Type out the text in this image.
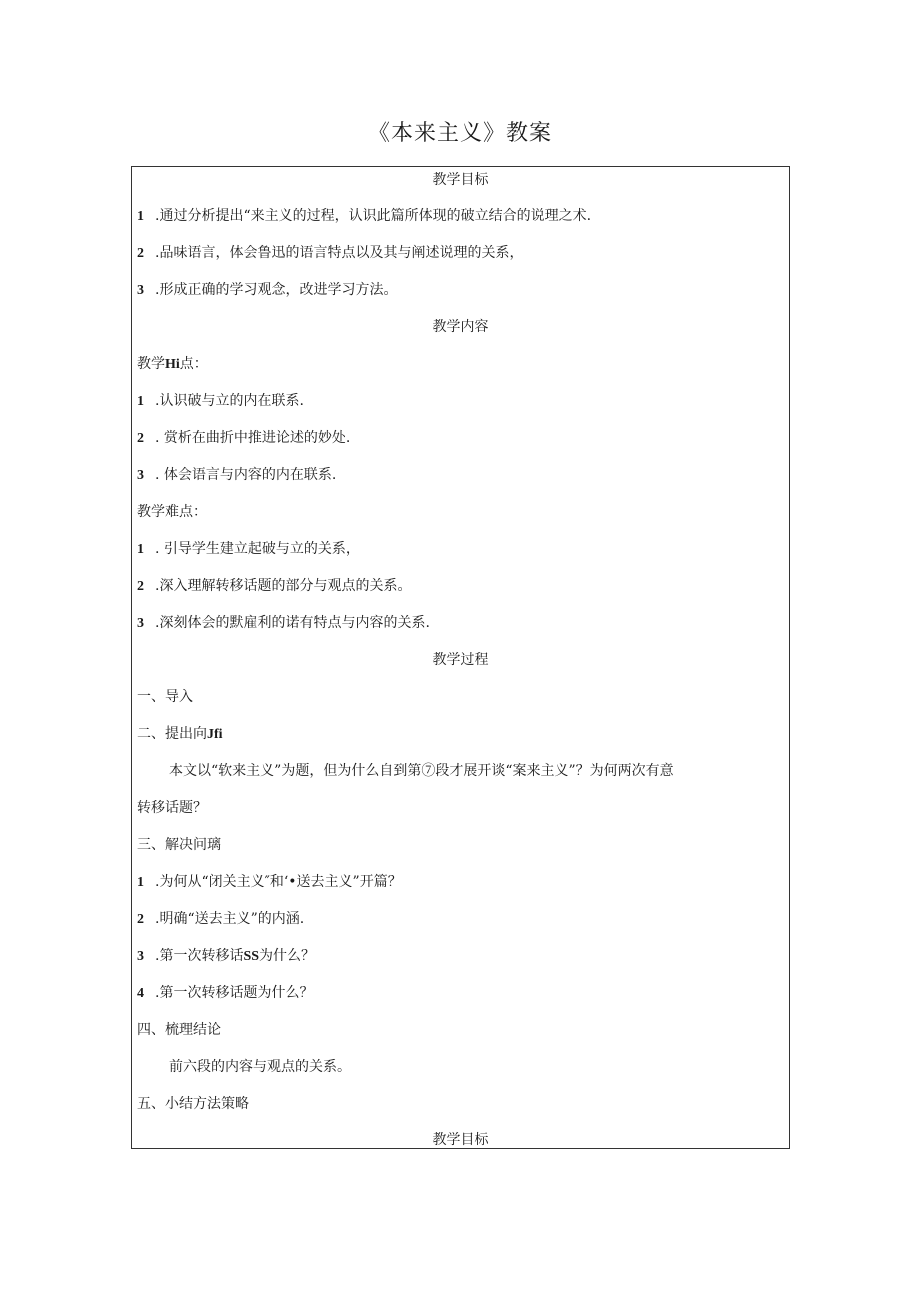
《本来主义》教案
教学目标
1 .通过分析提出“来主义的过程，认识此篇所体现的破立结合的说理之术.
2 .品味语言，体会鲁迅的语言特点以及其与阐述说理的关系，
3 .形成正确的学习观念，改进学习方法。
教学内容
教学Hi点：
1 .认识破与立的内在联系.
2 . 赏析在曲折中推进论述的妙处.
3 . 体会语言与内容的内在联系.
教学难点：
1 . 引导学生建立起破与立的关系，
2 .深入理解转移话题的部分与观点的关系。
3 .深刻体会的默雇利的诺有特点与内容的关系.
教学过程
一、导入
二、提出向Jfi
本文以“软来主义”为题，但为什么自到第⑦段才展开谈“案来主义”？为何两次有意
转移话题？
三、解决问璃
1 .为何从“闭关主义″和‘•送去主义”开篇？
2 .明确“送去主义”的内涵.
3 .第一次转移话SS为什么？
4 .第一次转移话题为什么？
四、梳理结论
前六段的内容与观点的关系。
五、小结方法策略
教学目标
